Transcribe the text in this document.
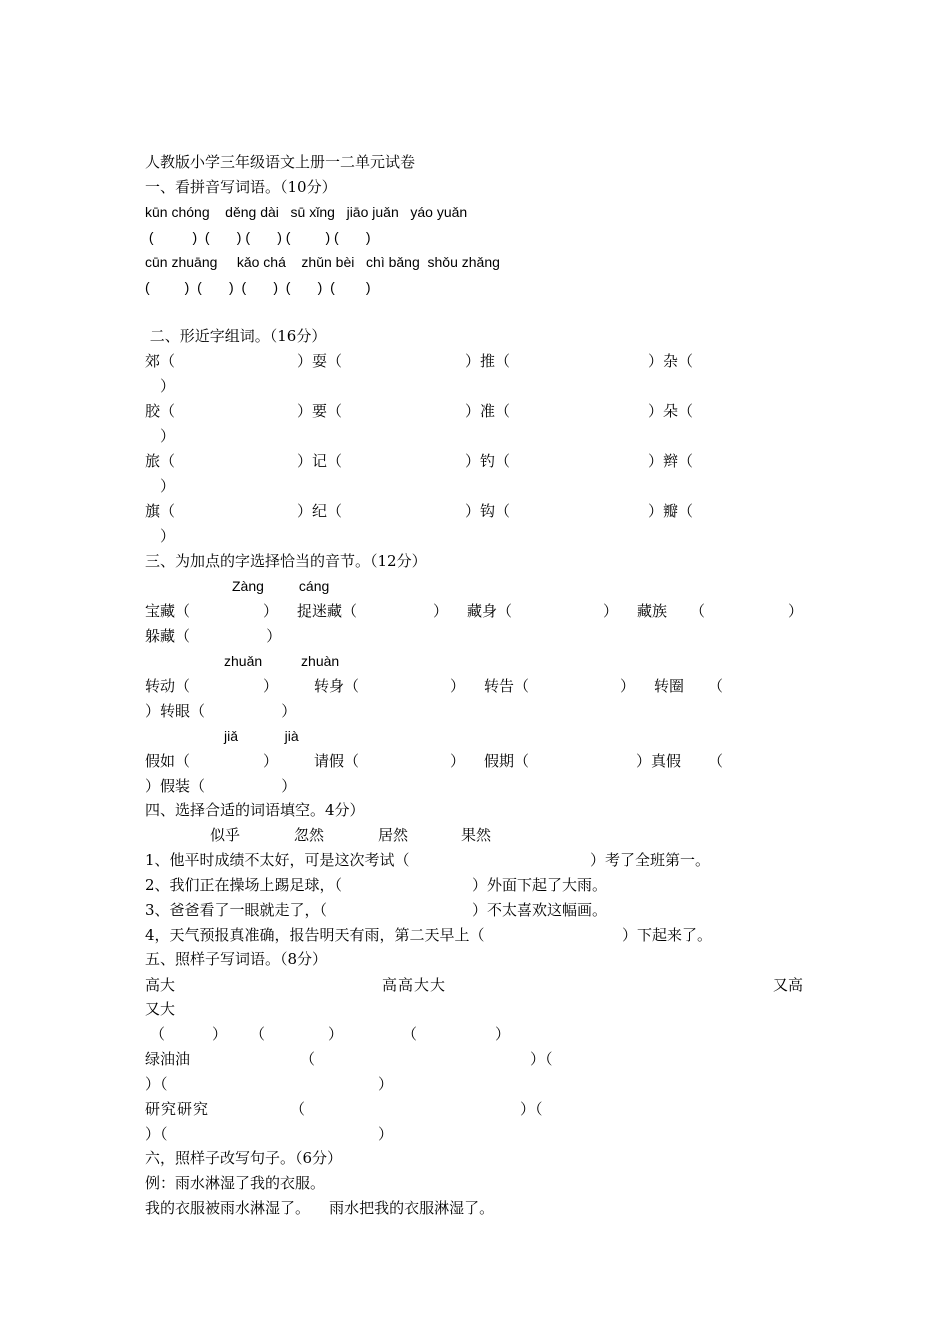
人教版小学三年级语文上册一二单元试卷
一、看拼音写词语。（10分）
kūn chóng    děng dài   sū xǐng   jiāo juǎn   yáo yuǎn
(          )  (       ) (       ) (         ) (       )
cūn zhuāng     kǎo chá    zhǔn bèi   chì bǎng  shǒu zhǎng
(         )  (       )  (       )  (       )  (        )
二、形近字组词。（16分）
郊（	）耍（	）推（	）杂（
）
胶（	）要（	）准（	）朵（
）
旅（	）记（	）钓（	）辫（
）
旗（	）纪（	）钩（	）瓣（
）
三、为加点的字选择恰当的音节。（12分）
Zàng         cáng
宝藏（	） 捉迷藏（	） 藏身（	） 藏族 （	）
躲藏（                ）
zhuǎn          zhuàn
转动（	） 转身（	） 转告（	） 转圈 （
）转眼（                ）
jiǎ            jià
假如（	） 请假（	） 假期（	）真假 （
）假装（                ）
四、选择合适的词语填空。4分）
似乎	忽然	居然	果然
1、他平时成绩不太好，可是这次考试（	）考了全班第一。
2、我们正在操场上踢足球，（	）外面下起了大雨。
3、爸爸看了一眼就走了，（	）不太喜欢这幅画。
4，天气预报真准确，报告明天有雨，第二天早上（	）下起来了。
五、照样子写词语。（8分）
高大	高高大大	又高
又大
（	） （	）	（	）
绿油油	（	）（
）（	）
研究研究	（	）（
）（	）
六，照样子改写句子。（6分）
例：雨水淋湿了我的衣服。
我的衣服被雨水淋湿了。    雨水把我的衣服淋湿了。
